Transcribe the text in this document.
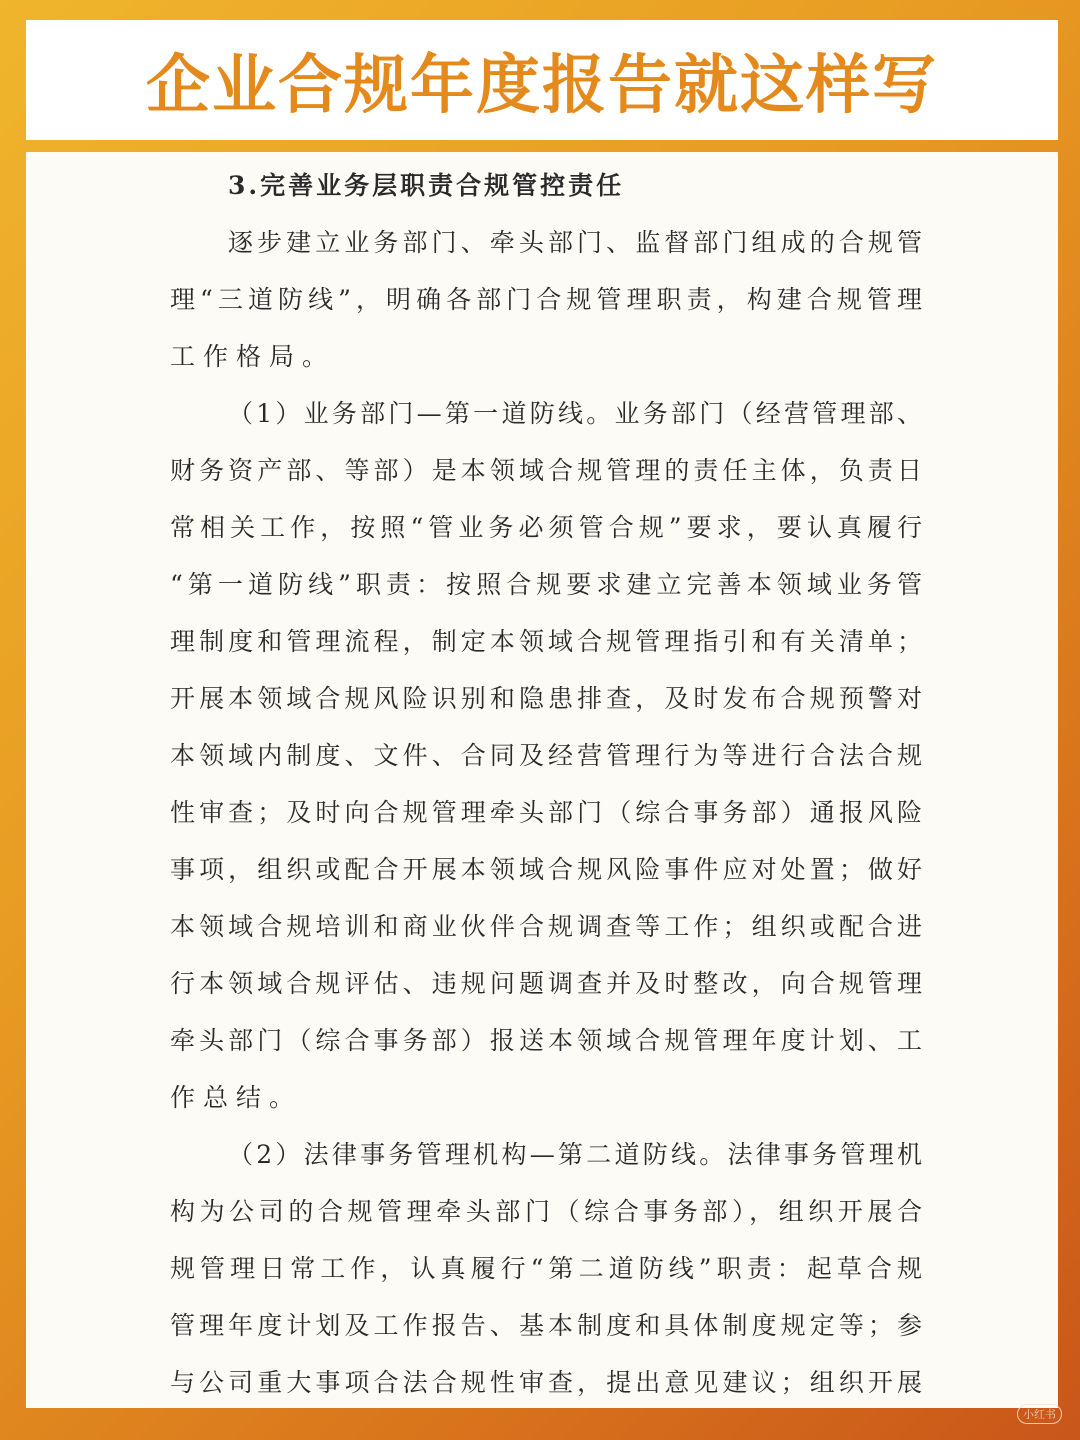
企业合规年度报告就这样写
3.完善业务层职责合规管控责任
逐步建立业务部门、牵头部门、监督部门组成的合规管
理“三道防线”，明确各部门合规管理职责，构建合规管理
工作格局。
（1）业务部门—第一道防线。业务部门（经营管理部、
财务资产部、等部）是本领域合规管理的责任主体，负责日
常相关工作，按照“管业务必须管合规”要求，要认真履行
“第一道防线”职责：按照合规要求建立完善本领域业务管
理制度和管理流程，制定本领域合规管理指引和有关清单；
开展本领域合规风险识别和隐患排查，及时发布合规预警对
本领域内制度、文件、合同及经营管理行为等进行合法合规
性审查；及时向合规管理牵头部门（综合事务部）通报风险
事项，组织或配合开展本领域合规风险事件应对处置；做好
本领域合规培训和商业伙伴合规调查等工作；组织或配合进
行本领域合规评估、违规问题调查并及时整改，向合规管理
牵头部门（综合事务部）报送本领域合规管理年度计划、工
作总结。
（2）法律事务管理机构—第二道防线。法律事务管理机
构为公司的合规管理牵头部门（综合事务部），组织开展合
规管理日常工作，认真履行“第二道防线”职责：起草合规
管理年度计划及工作报告、基本制度和具体制度规定等；参
与公司重大事项合法合规性审查，提出意见建议；组织开展
小红书
